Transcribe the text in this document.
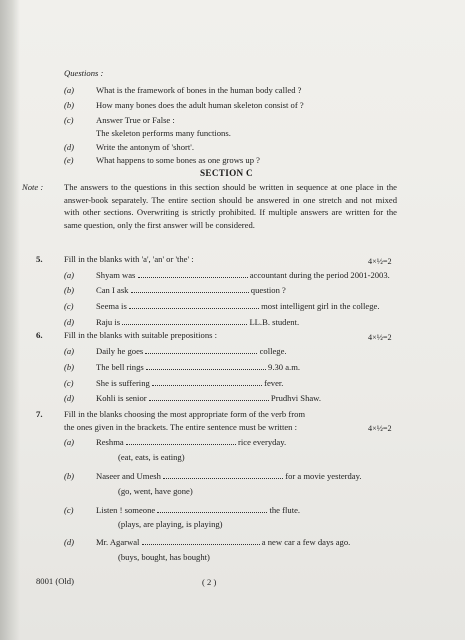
Questions :
(a)	What is the framework of bones in the human body called ?
(b)	How many bones does the adult human skeleton consist of ?
(c)	Answer True or False :
The skeleton performs many functions.
(d)	Write the antonym of 'short'.
(e)	What happens to some bones as one grows up ?
SECTION C
Note : The answers to the questions in this section should be written in sequence at one place in the answer-book separately. The entire section should be answered in one stretch and not mixed with other sections. Overwriting is strictly prohibited. If multiple answers are written for the same question, only the first answer will be considered.
5. Fill in the blanks with 'a', 'an' or 'the' :	4×½=2
(a)	Shyam was	accountant during the period 2001-2003.
(b)	Can I ask	question ?
(c)	Seema is	most intelligent girl in the college.
(d)	Raju is	LL.B. student.
6. Fill in the blanks with suitable prepositions :	4×½=2
(a)	Daily he goes	college.
(b)	The bell rings	9.30 a.m.
(c)	She is suffering	fever.
(d)	Kohli is senior	Prudhvi Shaw.
7. Fill in the blanks choosing the most appropriate form of the verb from
the ones given in the brackets. The entire sentence must be written :	4×½=2
(a)	Reshma	rice everyday.
(eat, eats, is eating)
(b)	Naseer and Umesh	for a movie yesterday.
(go, went, have gone)
(c)	Listen ! someone	the flute.
(plays, are playing, is playing)
(d)	Mr. Agarwal	a new car a few days ago.
(buys, bought, has bought)
8001 (Old)	( 2 )
